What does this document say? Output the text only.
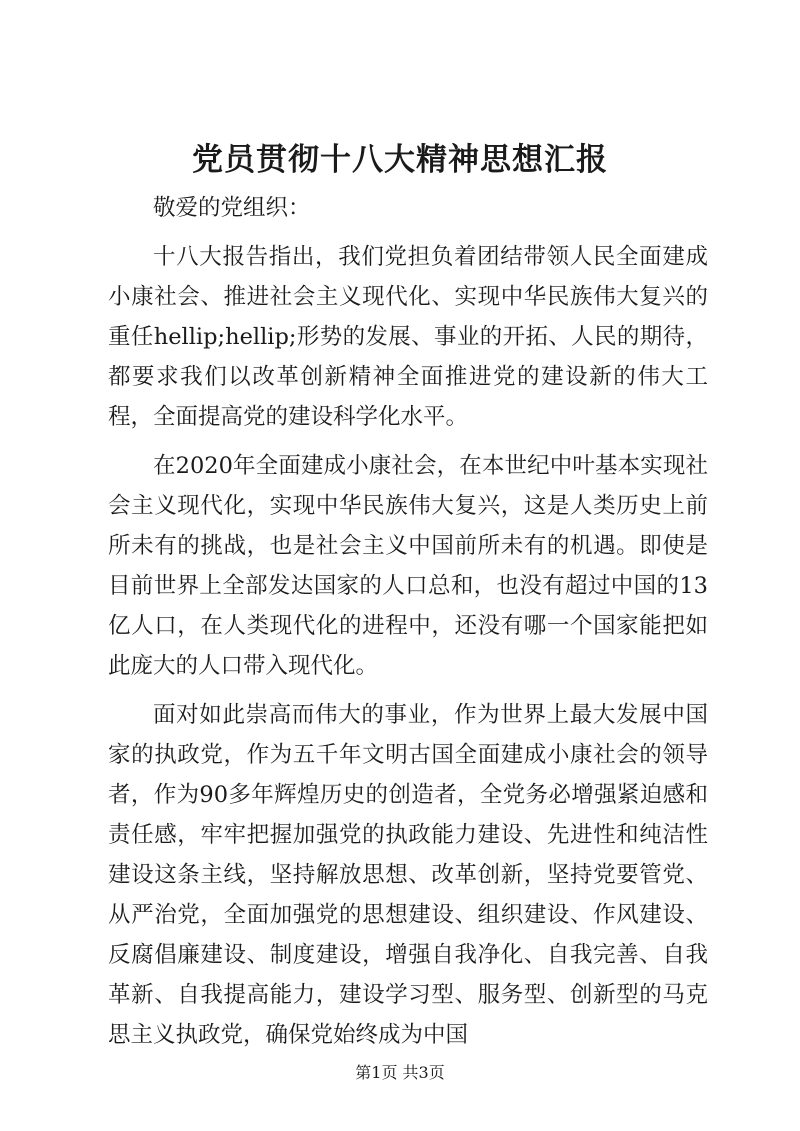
党员贯彻十八大精神思想汇报

敬爱的党组织：

十八大报告指出，我们党担负着团结带领人民全面建成小康社会、推进社会主义现代化、实现中华民族伟大复兴的重任hellip;hellip;形势的发展、事业的开拓、人民的期待，都要求我们以改革创新精神全面推进党的建设新的伟大工程，全面提高党的建设科学化水平。

在2020年全面建成小康社会，在本世纪中叶基本实现社会主义现代化，实现中华民族伟大复兴，这是人类历史上前所未有的挑战，也是社会主义中国前所未有的机遇。即使是目前世界上全部发达国家的人口总和，也没有超过中国的13亿人口，在人类现代化的进程中，还没有哪一个国家能把如此庞大的人口带入现代化。

面对如此崇高而伟大的事业，作为世界上最大发展中国家的执政党，作为五千年文明古国全面建成小康社会的领导者，作为90多年辉煌历史的创造者，全党务必增强紧迫感和责任感，牢牢把握加强党的执政能力建设、先进性和纯洁性建设这条主线，坚持解放思想、改革创新，坚持党要管党、从严治党，全面加强党的思想建设、组织建设、作风建设、反腐倡廉建设、制度建设，增强自我净化、自我完善、自我革新、自我提高能力，建设学习型、服务型、创新型的马克思主义执政党，确保党始终成为中国

第1页 共3页
